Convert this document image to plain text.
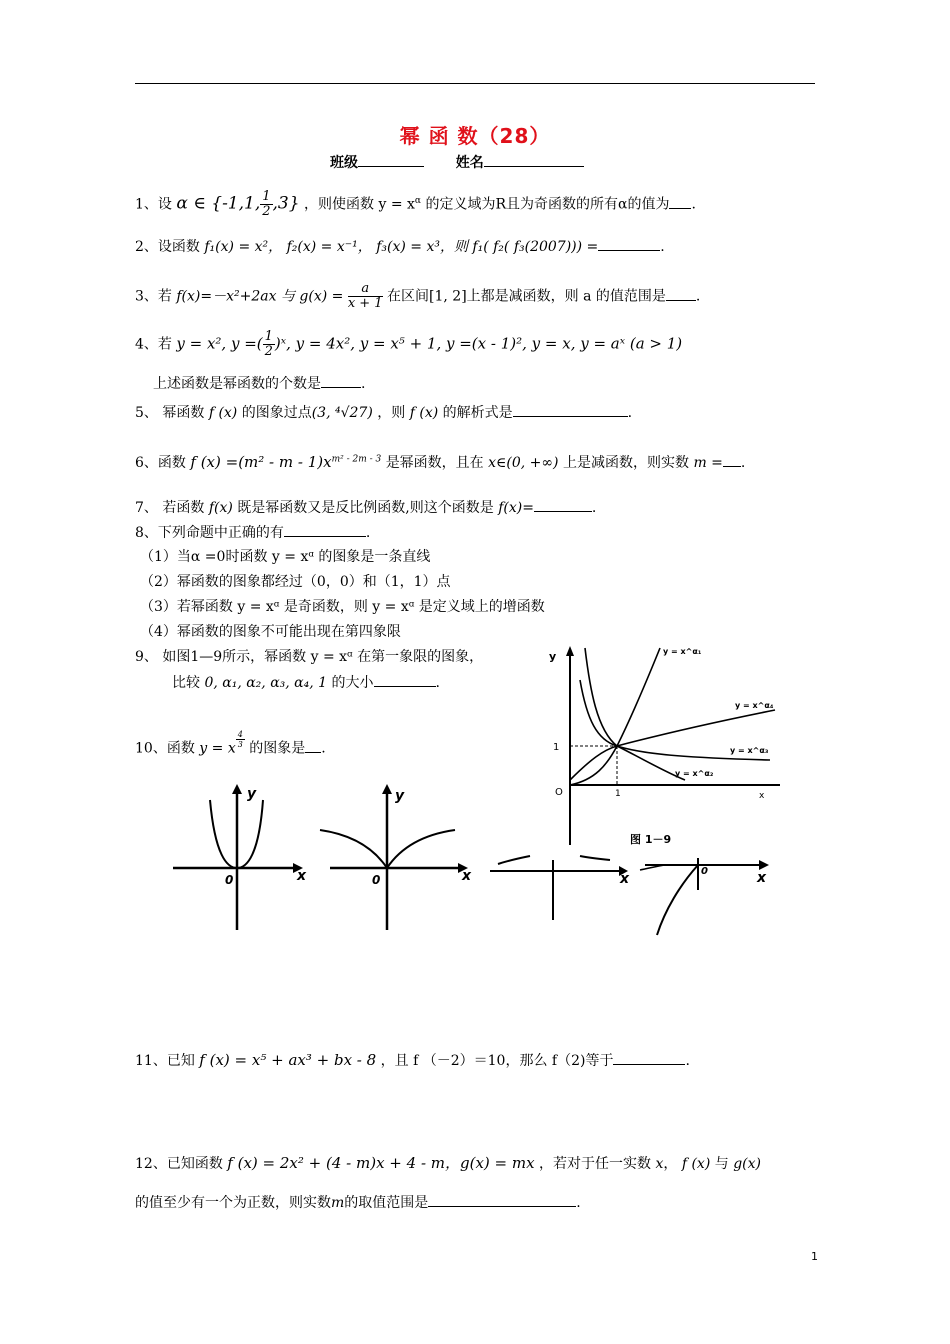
幂 函 数（28）
班级	姓名
1、设 α ∈ {-1,1, $\frac{1}{2} ,3$} ，则使函数 $y = x^\alpha$ 的定义域为R且为奇函数的所有α的值为 .
2、设函数 f₁(x) = x²， f₂(x) = x⁻¹， f₃(x) = x³，则 f₁( f₂( f₃(2007))) =	.
3、若 f(x)=－x²+2ax 与 $g(x) = \frac{a}{x + 1}$ 在区间[1, 2]上都是减函数，则 a 的值范围是 .
4、若 y = x², y =( $\frac{1}{2}$ )ˣ, y = 4x², y = x⁵ + 1, y =(x - 1)², y = x, y = aˣ (a > 1)
上述函数是幂函数的个数是	.
5、 幂函数 f (x) 的图象过点(3, ⁴√27) ，则 f (x) 的解析式是	.
6、函数 f $(x) =(m^2 - m - 1)x^{m^2 - 2m - 3}$ 是幂函数，且在 x∈(0, +∞) 上是减函数，则实数 m = .
7、 若函数 f(x) 既是幂函数又是反比例函数,则这个函数是 f(x)=	.
8、下列命题中正确的有	.
（1）当α =0时函数 y = xᵅ 的图象是一条直线
（2）幂函数的图象都经过（0，0）和（1，1）点
（3）若幂函数 y = xᵅ 是奇函数，则 y = xᵅ 是定义域上的增函数
（4）幂函数的图象不可能出现在第四象限
9、 如图1—9所示，幂函数 y = xᵅ 在第一象限的图象，
比较 0, α₁, α₂, α₃, α₄, 1 的大小	.
10、函数 y = x $\frac{4}{3}$ 的图象是 .
y
x
O	1
1
y = x^α₁
y = x^α₄
y = x^α₃
y = x^α₂
图 1－9
y
x
0
y
x
0	x	0	x
11、已知 f (x) = x⁵ + ax³ + bx - 8 ，且 f （－2）＝10，那么 f（2)等于	.
12、已知函数 f (x) = 2x² + (4 - m)x + 4 - m，g(x) = mx ，若对于任一实数 x， f (x) 与 g(x)
的值至少有一个为正数，则实数m的取值范围是	.
1
